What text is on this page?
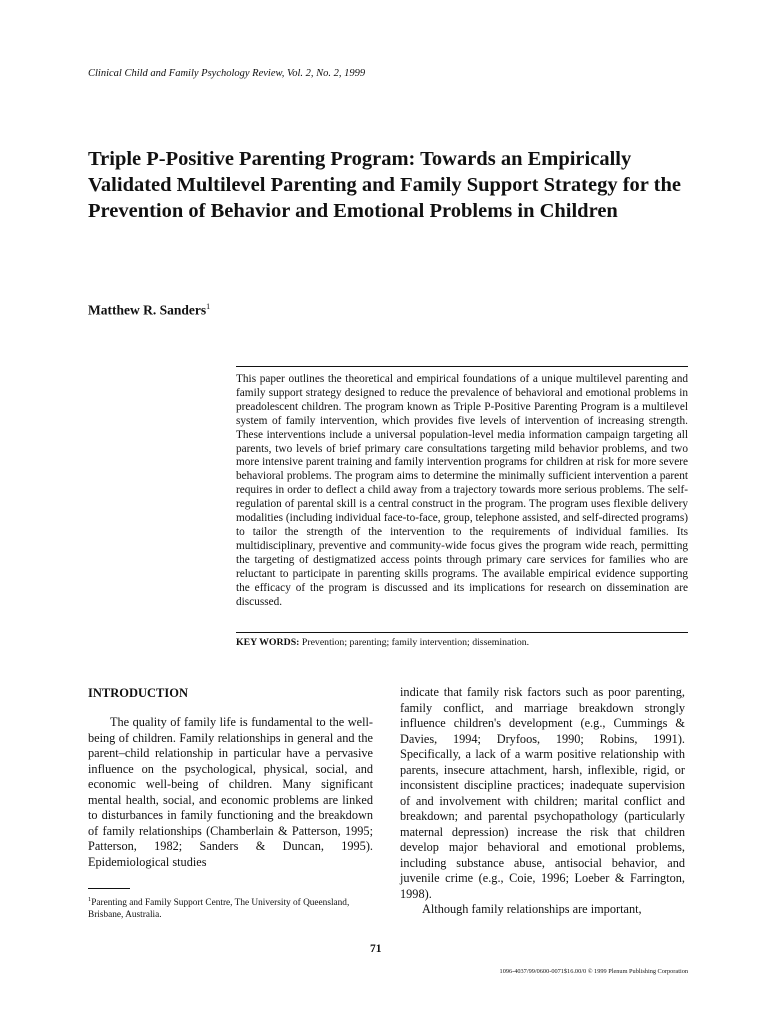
Clinical Child and Family Psychology Review, Vol. 2, No. 2, 1999
Triple P-Positive Parenting Program: Towards an Empirically Validated Multilevel Parenting and Family Support Strategy for the Prevention of Behavior and Emotional Problems in Children
Matthew R. Sanders$^1$

This paper outlines the theoretical and empirical foundations of a unique multilevel parenting and family support strategy designed to reduce the prevalence of behavioral and emotional problems in preadolescent children. The program known as Triple P-Positive Parenting Program is a multilevel system of family intervention, which provides five levels of intervention of increasing strength. These interventions include a universal population-level media information campaign targeting all parents, two levels of brief primary care consultations targeting mild behavior problems, and two more intensive parent training and family intervention programs for children at risk for more severe behavioral problems. The program aims to determine the minimally sufficient intervention a parent requires in order to deflect a child away from a trajectory towards more serious problems. The self-regulation of parental skill is a central construct in the program. The program uses flexible delivery modalities (including individual face-to-face, group, telephone assisted, and self-directed programs) to tailor the strength of the intervention to the requirements of individual families. Its multidisciplinary, preventive and community-wide focus gives the program wide reach, permitting the targeting of destigmatized access points through primary care services for families who are reluctant to participate in parenting skills programs. The available empirical evidence supporting the efficacy of the program is discussed and its implications for research on dissemination are discussed.

KEY WORDS: Prevention; parenting; family intervention; dissemination.
INTRODUCTION

The quality of family life is fundamental to the well-being of children. Family relationships in general and the parent–child relationship in particular have a pervasive influence on the psychological, physical, social, and economic well-being of children. Many significant mental health, social, and economic problems are linked to disturbances in family functioning and the breakdown of family relationships (Chamberlain & Patterson, 1995; Patterson, 1982; Sanders & Duncan, 1995). Epidemiological studies

indicate that family risk factors such as poor parenting, family conflict, and marriage breakdown strongly influence children's development (e.g., Cummings & Davies, 1994; Dryfoos, 1990; Robins, 1991). Specifically, a lack of a warm positive relationship with parents, insecure attachment, harsh, inflexible, rigid, or inconsistent discipline practices; inadequate supervision of and involvement with children; marital conflict and breakdown; and parental psychopathology (particularly maternal depression) increase the risk that children develop major behavioral and emotional problems, including substance abuse, antisocial behavior, and juvenile crime (e.g., Coie, 1996; Loeber & Farrington, 1998).
Although family relationships are important,
$^1$Parenting and Family Support Centre, The University of Queensland, Brisbane, Australia.
71
1096-4037/99/0600-0071$16.00/0 © 1999 Plenum Publishing Corporation
